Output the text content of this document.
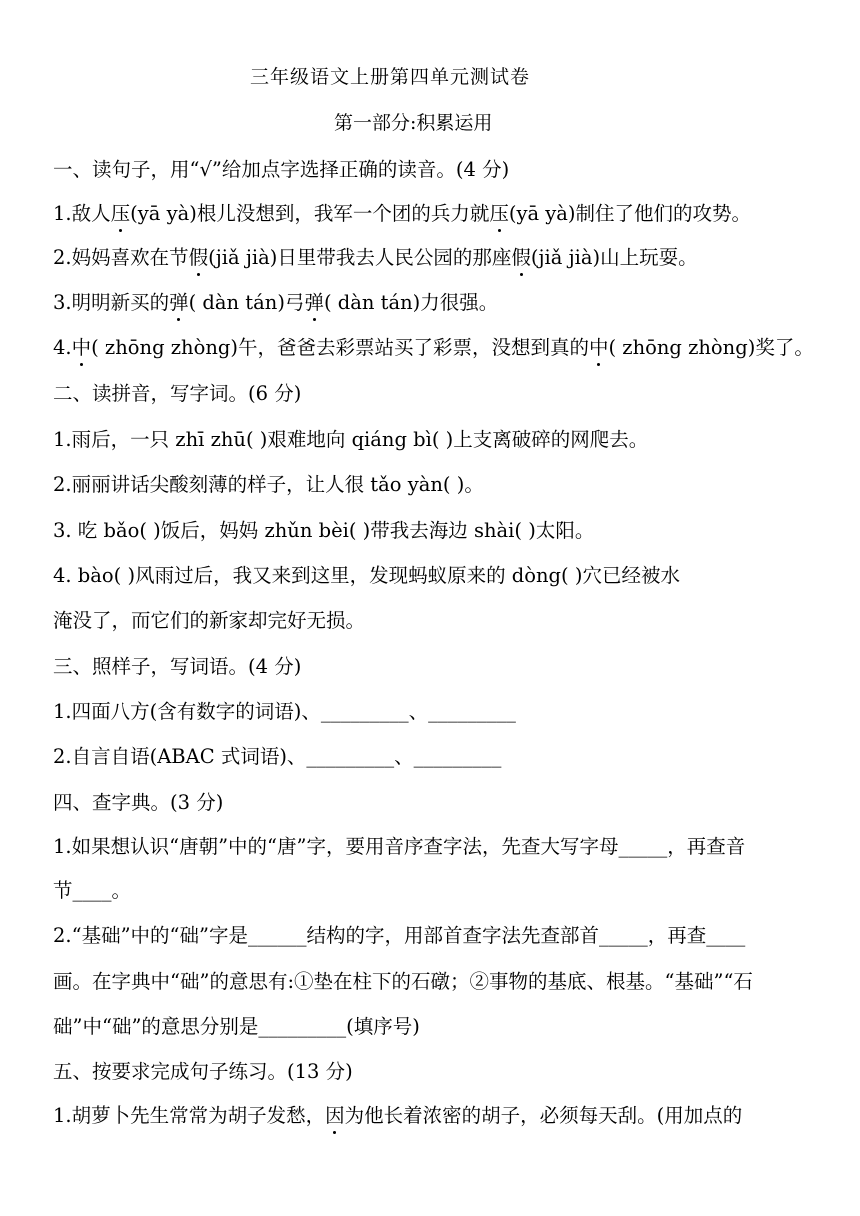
三年级语文上册第四单元测试卷
第一部分:积累运用
一、读句子，用“√”给加点字选择正确的读音。(4 分)
1.敌人压(yā yà)根儿没想到，我军一个团的兵力就压(yā yà)制住了他们的攻势。
2.妈妈喜欢在节假(jiǎ jià)日里带我去人民公园的那座假(jiǎ jià)山上玩耍。
3.明明新买的弹( dàn tán)弓弹( dàn tán)力很强。
4.中( zhōng zhòng)午，爸爸去彩票站买了彩票，没想到真的中( zhōng zhòng)奖了。
二、读拼音，写字词。(6 分)
1.雨后，一只 zhī zhū( )艰难地向 qiáng bì( )上支离破碎的网爬去。
2.丽丽讲话尖酸刻薄的样子，让人很 tǎo yàn( )。
3. 吃 bǎo( )饭后，妈妈 zhǔn bèi( )带我去海边 shài( )太阳。
4. bào( )风雨过后，我又来到这里，发现蚂蚁原来的 dòng( )穴已经被水
淹没了，而它们的新家却完好无损。
三、照样子，写词语。(4 分)
1.四面八方(含有数字的词语)、_________、_________
2.自言自语(ABAC 式词语)、_________、_________
四、查字典。(3 分)
1.如果想认识“唐朝”中的“唐”字，要用音序查字法，先查大写字母_____，再查音
节____。
2.“基础”中的“础”字是______结构的字，用部首查字法先查部首_____，再查____
画。在字典中“础”的意思有:①垫在柱下的石礅；②事物的基底、根基。“基础”“石
础”中“础”的意思分别是_________(填序号)
五、按要求完成句子练习。(13 分)
1.胡萝卜先生常常为胡子发愁，因为他长着浓密的胡子，必须每天刮。(用加点的
